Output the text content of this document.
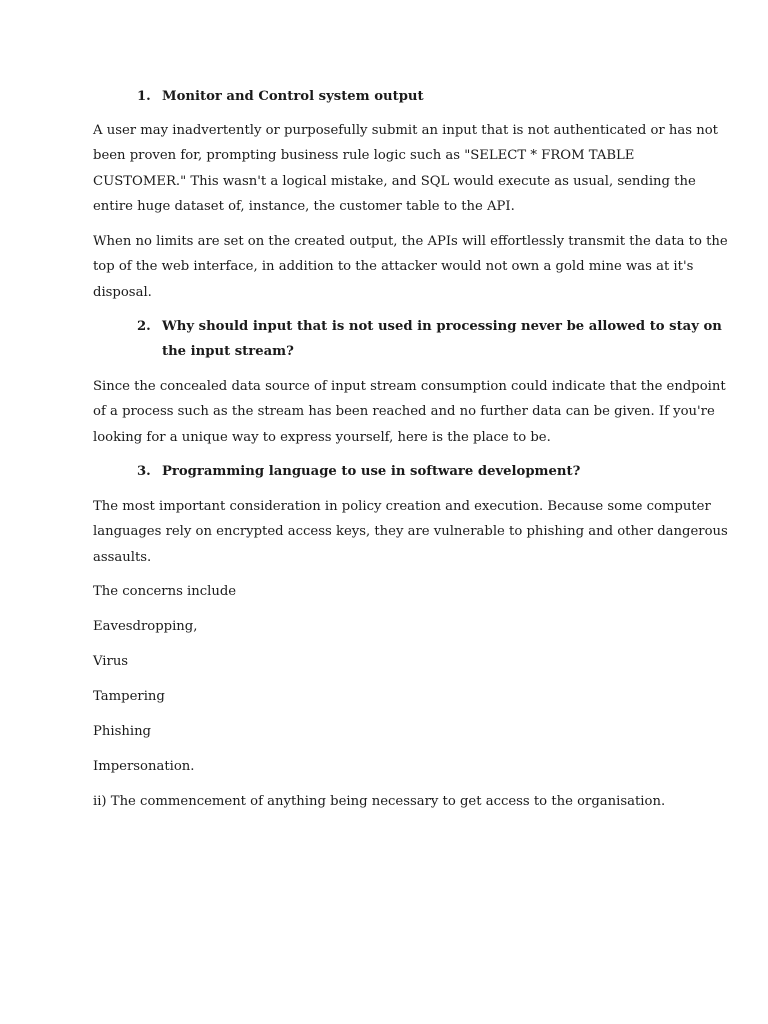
1. Monitor and Control system output
A user may inadvertently or purposefully submit an input that is not authenticated or has not
been proven for, prompting business rule logic such as "SELECT * FROM TABLE
CUSTOMER." This wasn't a logical mistake, and SQL would execute as usual, sending the
entire huge dataset of, instance, the customer table to the API.
When no limits are set on the created output, the APIs will effortlessly transmit the data to the
top of the web interface, in addition to the attacker would not own a gold mine was at it's
disposal.
2. Why should input that is not used in processing never be allowed to stay on
the input stream?
Since the concealed data source of input stream consumption could indicate that the endpoint
of a process such as the stream has been reached and no further data can be given. If you're
looking for a unique way to express yourself, here is the place to be.
3. Programming language to use in software development?
The most important consideration in policy creation and execution. Because some computer
languages rely on encrypted access keys, they are vulnerable to phishing and other dangerous
assaults.
The concerns include
Eavesdropping,
Virus
Tampering
Phishing
Impersonation.
ii) The commencement of anything being necessary to get access to the organisation.
